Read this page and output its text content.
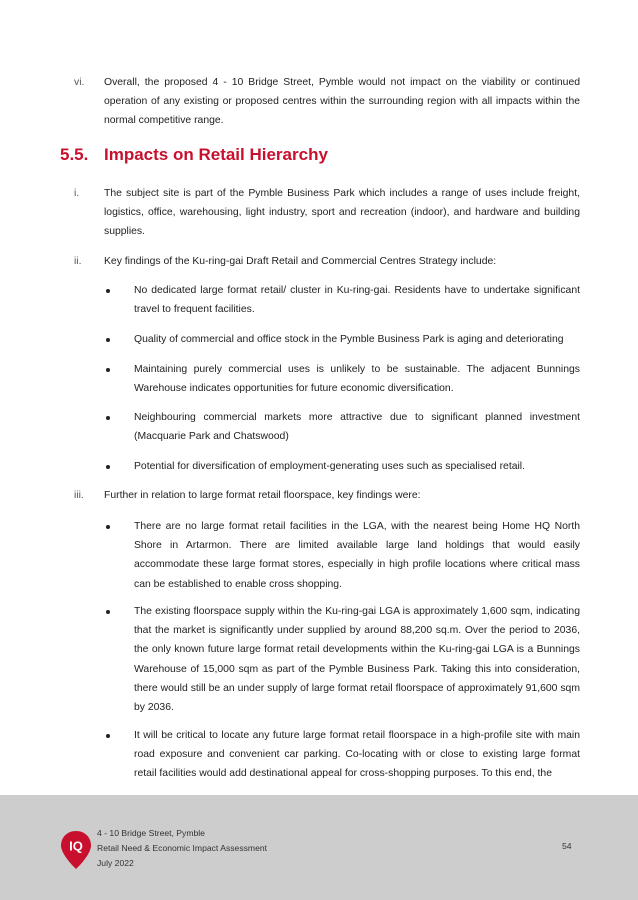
vi. Overall, the proposed 4 - 10 Bridge Street, Pymble would not impact on the viability or continued operation of any existing or proposed centres within the surrounding region with all impacts within the normal competitive range.
5.5. Impacts on Retail Hierarchy
i. The subject site is part of the Pymble Business Park which includes a range of uses include freight, logistics, office, warehousing, light industry, sport and recreation (indoor), and hardware and building supplies.
ii. Key findings of the Ku-ring-gai Draft Retail and Commercial Centres Strategy include:
No dedicated large format retail/ cluster in Ku-ring-gai. Residents have to undertake significant travel to frequent facilities.
Quality of commercial and office stock in the Pymble Business Park is aging and deteriorating
Maintaining purely commercial uses is unlikely to be sustainable. The adjacent Bunnings Warehouse indicates opportunities for future economic diversification.
Neighbouring commercial markets more attractive due to significant planned investment (Macquarie Park and Chatswood)
Potential for diversification of employment-generating uses such as specialised retail.
iii. Further in relation to large format retail floorspace, key findings were:
There are no large format retail facilities in the LGA, with the nearest being Home HQ North Shore in Artarmon. There are limited available large land holdings that would easily accommodate these large format stores, especially in high profile locations where critical mass can be established to enable cross shopping.
The existing floorspace supply within the Ku-ring-gai LGA is approximately 1,600 sqm, indicating that the market is significantly under supplied by around 88,200 sq.m. Over the period to 2036, the only known future large format retail developments within the Ku-ring-gai LGA is a Bunnings Warehouse of 15,000 sqm as part of the Pymble Business Park. Taking this into consideration, there would still be an under supply of large format retail floorspace of approximately 91,600 sqm by 2036.
It will be critical to locate any future large format retail floorspace in a high-profile site with main road exposure and convenient car parking. Co-locating with or close to existing large format retail facilities would add destinational appeal for cross-shopping purposes. To this end, the
IQ
4 - 10 Bridge Street, Pymble
Retail Need & Economic Impact Assessment
July 2022
54
